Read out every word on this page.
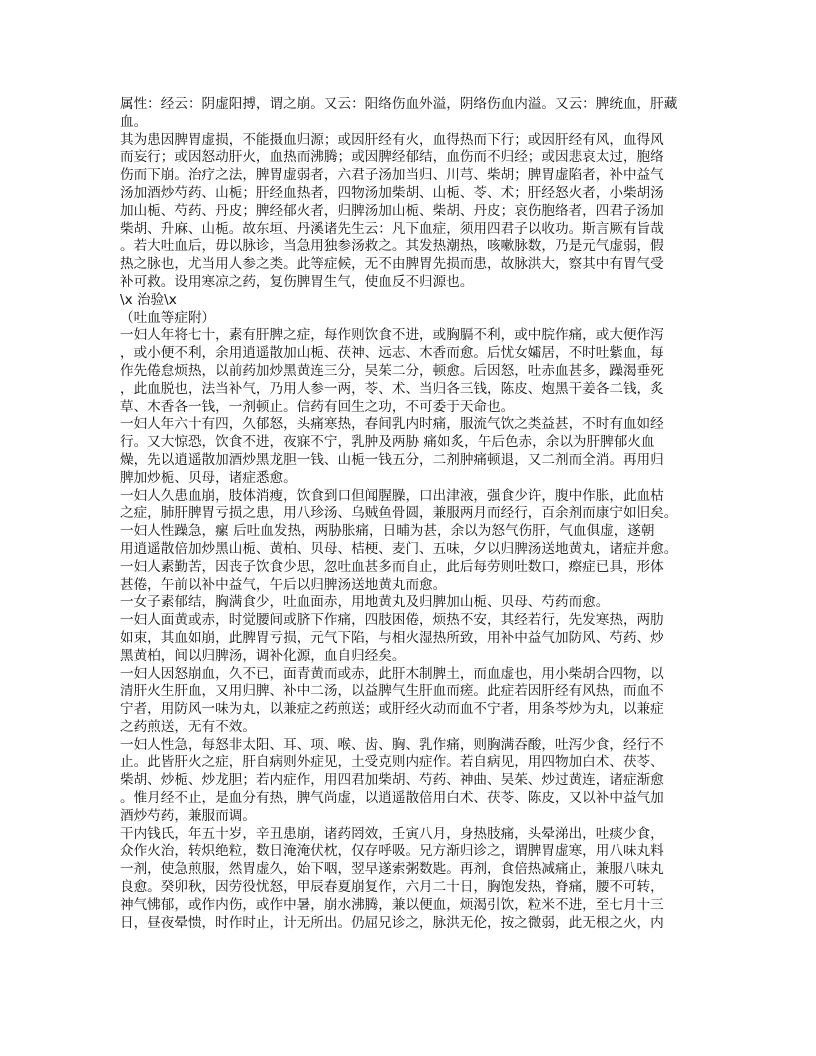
属性：经云：阴虚阳搏，谓之崩。又云：阳络伤血外溢，阴络伤血内溢。又云：脾统血，肝藏
血。
其为患因脾胃虚损，不能摄血归源；或因肝经有火，血得热而下行；或因肝经有风，血得风
而妄行；或因怒动肝火，血热而沸腾；或因脾经郁结，血伤而不归经；或因悲哀太过，胞络
伤而下崩。治疗之法，脾胃虚弱者，六君子汤加当归、川芎、柴胡；脾胃虚陷者，补中益气
汤加酒炒芍药、山栀；肝经血热者，四物汤加柴胡、山栀、苓、术；肝经怒火者，小柴胡汤
加山栀、芍药、丹皮；脾经郁火者，归脾汤加山栀、柴胡、丹皮；哀伤胞络者，四君子汤加
柴胡、升麻、山栀。故东垣、丹溪诸先生云：凡下血症，须用四君子以收功。斯言厥有旨哉
。若大吐血后，毋以脉诊，当急用独参汤救之。其发热潮热，咳嗽脉数，乃是元气虚弱，假
热之脉也，尤当用人参之类。此等症候，无不由脾胃先损而患，故脉洪大，察其中有胃气受
补可救。设用寒凉之药，复伤脾胃生气，使血反不归源也。
\x 治验\x
（吐血等症附）
一妇人年将七十，素有肝脾之症，每作则饮食不进，或胸膈不利，或中脘作痛，或大便作泻
，或小便不利，余用逍遥散加山栀、茯神、远志、木香而愈。后忧女孀居，不时吐紫血，每
作先倦怠烦热，以前药加炒黑黄连三分，吴茱二分，顿愈。后因怒，吐赤血甚多，躁渴垂死
，此血脱也，法当补气，乃用人参一两，苓、术、当归各三钱，陈皮、炮黑干姜各二钱，炙
草、木香各一钱，一剂顿止。信药有回生之功，不可委于天命也。
一妇人年六十有四，久郁怒，头痛寒热，春间乳内时痛，服流气饮之类益甚，不时有血如经
行。又大惊恐，饮食不进，夜寐不宁，乳肿及两胁 痛如炙，午后色赤，余以为肝脾郁火血
燥，先以逍遥散加酒炒黑龙胆一钱、山栀一钱五分，二剂肿痛顿退，又二剂而全消。再用归
脾加炒栀、贝母，诸症悉愈。
一妇人久患血崩，肢体消瘦，饮食到口但闻腥臊，口出津液，强食少许，腹中作胀，此血枯
之症，肺肝脾胃亏损之患，用八珍汤、乌贼鱼骨圆，兼服两月而经行，百余剂而康宁如旧矣。
一妇人性躁急，瘰 后吐血发热，两胁胀痛，日晡为甚，余以为怒气伤肝，气血俱虚，遂朝
用逍遥散倍加炒黑山栀、黄柏、贝母、桔梗、麦门、五味，夕以归脾汤送地黄丸，诸症并愈。
一妇人素勤苦，因丧子饮食少思，忽吐血甚多而自止，此后每劳则吐数口，瘵症已具，形体
甚倦，午前以补中益气，午后以归脾汤送地黄丸而愈。
一女子素郁结，胸满食少，吐血面赤，用地黄丸及归脾加山栀、贝母、芍药而愈。
一妇人面黄或赤，时觉腰间或脐下作痛，四肢困倦，烦热不安，其经若行，先发寒热，两肋
如束，其血如崩，此脾胃亏损，元气下陷，与相火湿热所致，用补中益气加防风、芍药、炒
黑黄柏，间以归脾汤，调补化源，血自归经矣。
一妇人因怒崩血，久不已，面青黄而或赤，此肝木制脾土，而血虚也，用小柴胡合四物，以
清肝火生肝血，又用归脾、补中二汤，以益脾气生肝血而瘥。此症若因肝经有风热，而血不
宁者，用防风一味为丸，以兼症之药煎送；或肝经火动而血不宁者，用条芩炒为丸，以兼症
之药煎送，无有不效。
一妇人性急，每怒非太阳、耳、项、喉、齿、胸、乳作痛，则胸满吞酸，吐泻少食，经行不
止。此皆肝火之症，肝自病则外症见，土受克则内症作。若自病见，用四物加白术、茯苓、
柴胡、炒栀、炒龙胆；若内症作，用四君加柴胡、芍药、神曲、吴茱、炒过黄连，诸症渐愈
。惟月经不止，是血分有热，脾气尚虚，以逍遥散倍用白术、茯苓、陈皮，又以补中益气加
酒炒芍药，兼服而调。
干内钱氏，年五十岁，辛丑患崩，诸药罔效，壬寅八月，身热肢痛，头晕涕出，吐痰少食，
众作火治，转炽绝粒，数日淹淹伏枕，仅存呼吸。兄方渐归诊之，谓脾胃虚寒，用八味丸料
一剂，使急煎服，然胃虚久，始下咽，翌早遂索粥数匙。再剂，食倍热减痛止，兼服八味丸
良愈。癸卯秋，因劳役忧怒，甲辰春夏崩复作，六月二十日，胸饱发热，脊痛，腰不可转，
神气怫郁，或作内伤，或作中暑，崩水沸腾，兼以便血，烦渴引饮，粒米不进，至七月十三
日，昼夜晕愦，时作时止，计无所出。仍屈兄诊之，脉洪无伦，按之微弱，此无根之火，内
